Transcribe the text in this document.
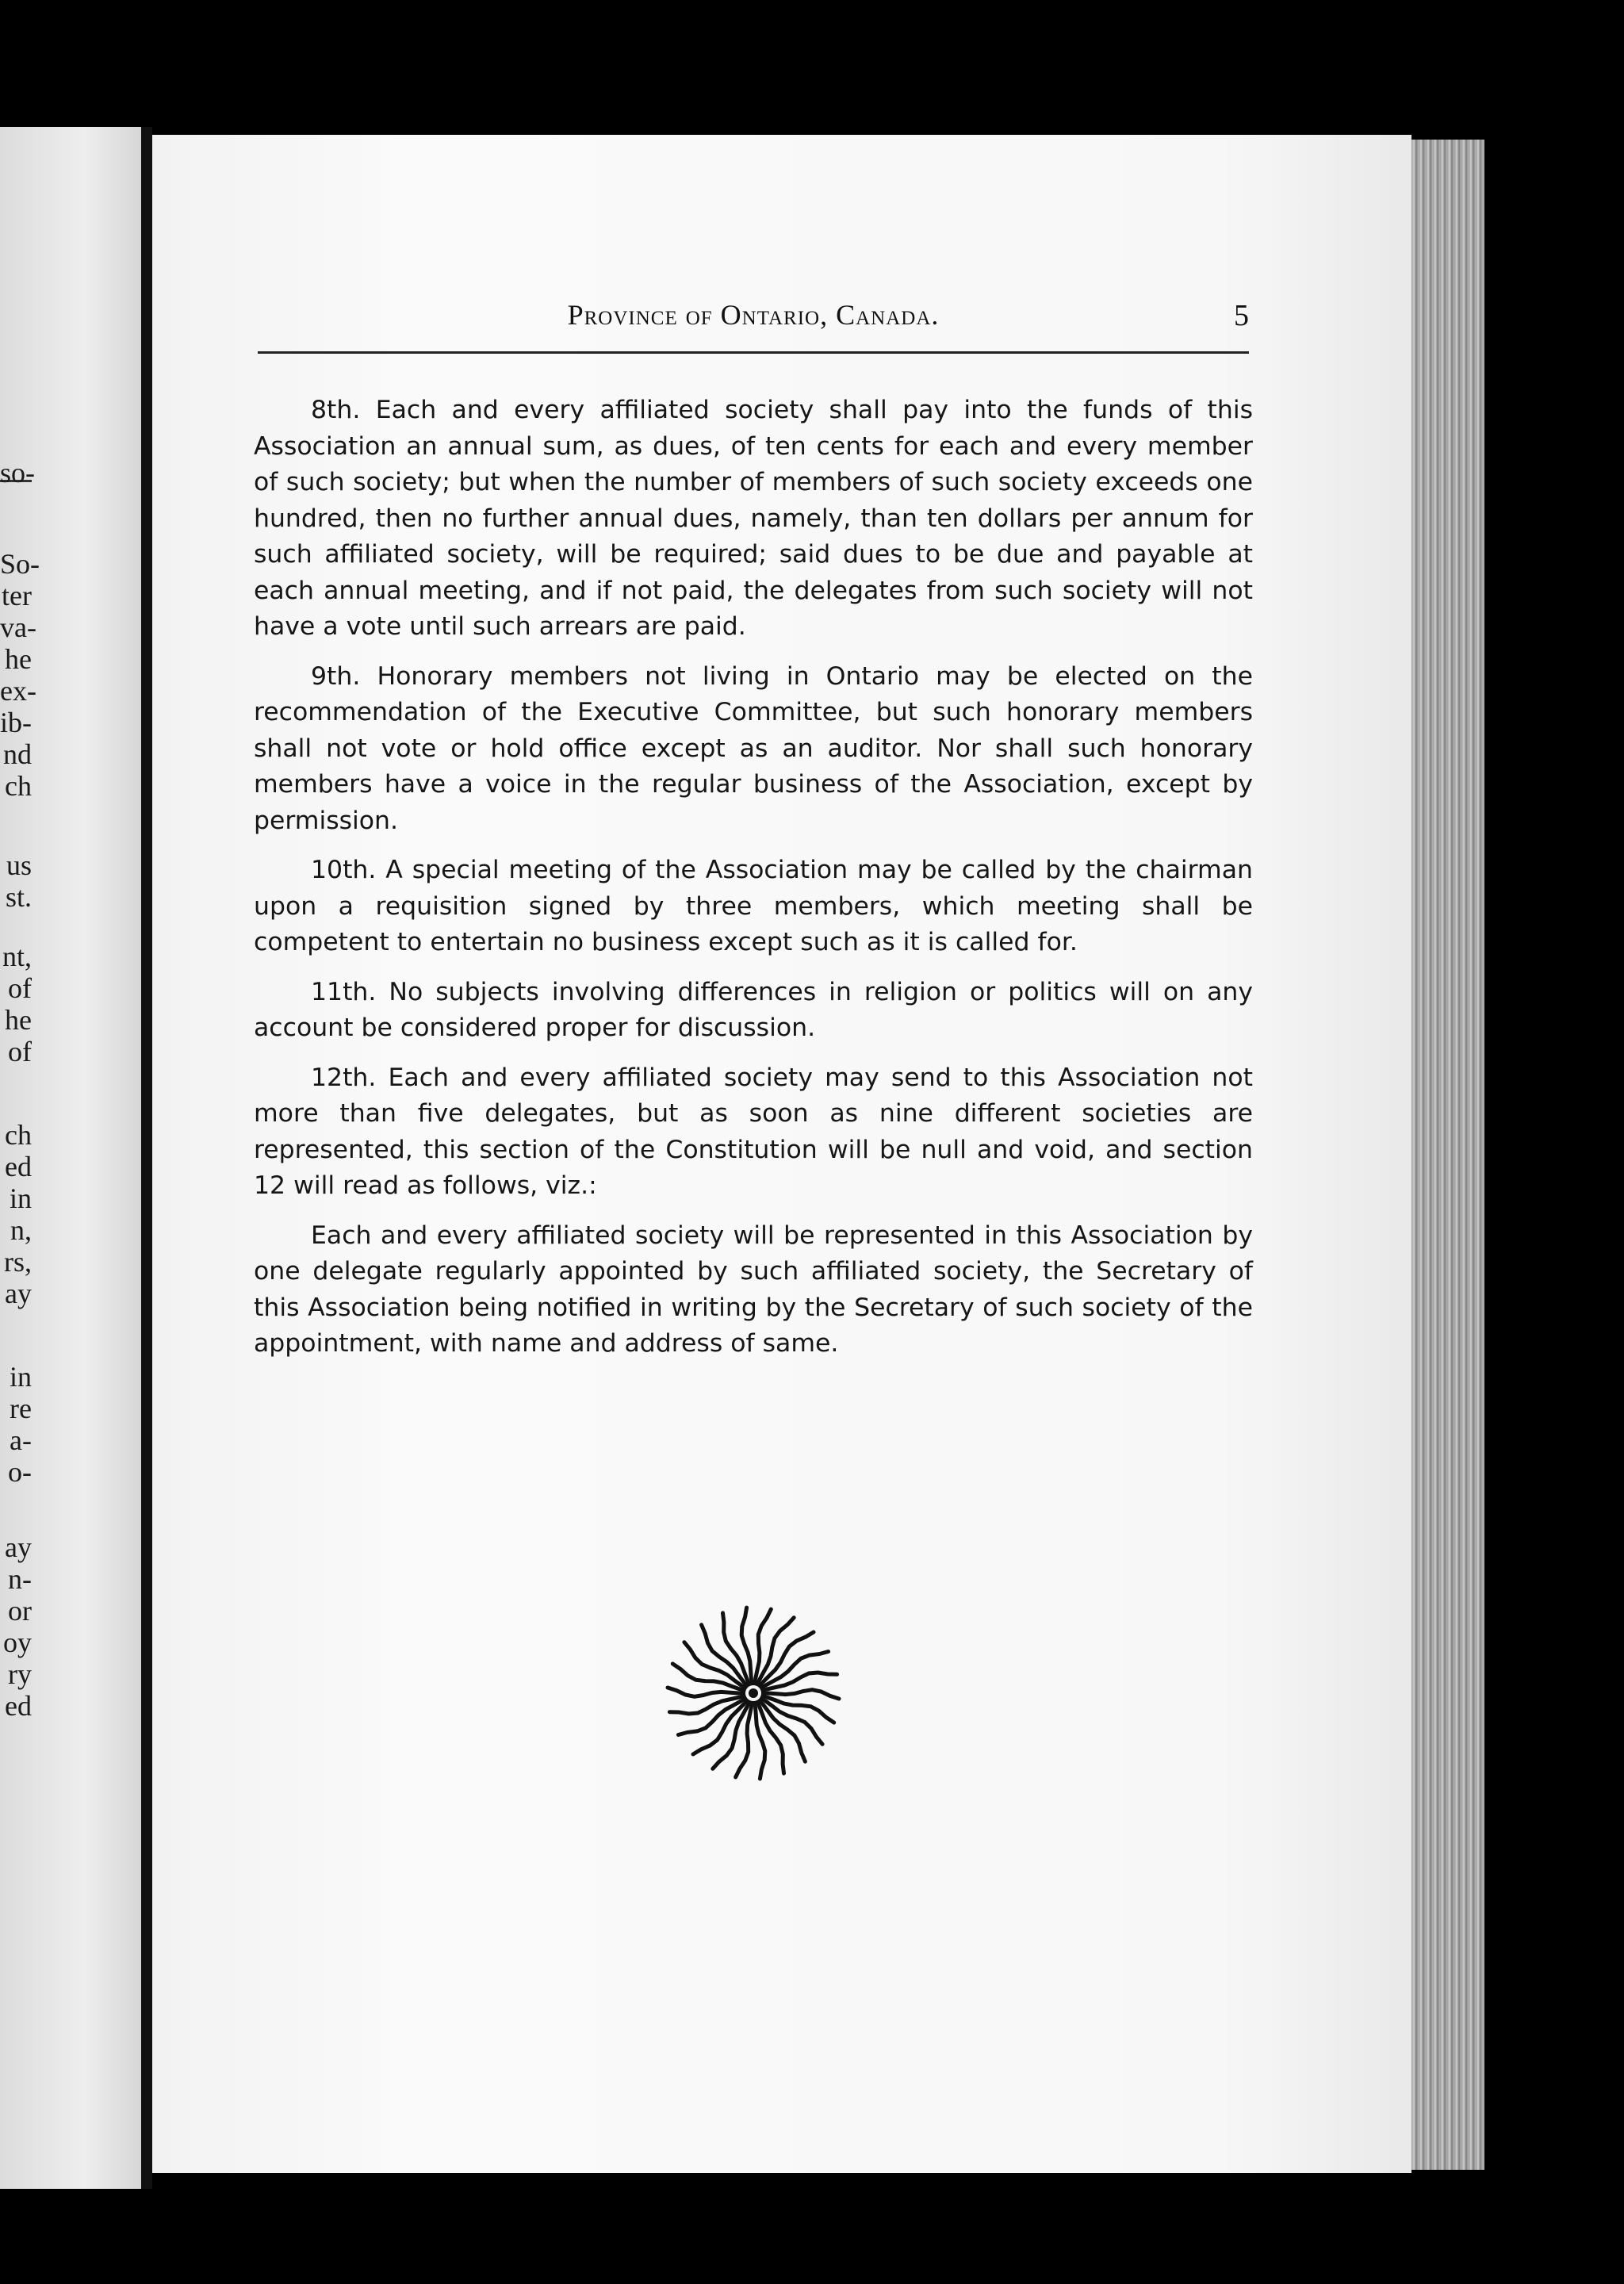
so-
So-
ter
va-
he
ex-
ib-
nd
ch
us
st.
nt,
of
he
of
ch
ed
in
n,
rs,
ay
in
re
a-
o-
ay
n-
or
oy
ry
ed
Province of Ontario, Canada.	5

8th. Each and every affiliated society shall pay into the funds of this Association an annual sum, as dues, of ten cents for each and every member of such society; but when the number of members of such society exceeds one hundred, then no further annual dues, namely, than ten dollars per annum for such affiliated society, will be required; said dues to be due and payable at each annual meeting, and if not paid, the delegates from such society will not have a vote until such arrears are paid.

9th. Honorary members not living in Ontario may be elected on the recommendation of the Executive Committee, but such honorary members shall not vote or hold office except as an auditor. Nor shall such honorary members have a voice in the regular business of the Association, except by permission.

10th. A special meeting of the Association may be called by the chairman upon a requisition signed by three members, which meeting shall be competent to entertain no business except such as it is called for.

11th. No subjects involving differences in religion or politics will on any account be considered proper for discussion.

12th. Each and every affiliated society may send to this Association not more than five delegates, but as soon as nine different societies are represented, this section of the Constitution will be null and void, and section 12 will read as follows, viz.:

Each and every affiliated society will be represented in this Association by one delegate regularly appointed by such affiliated society, the Secretary of this Association being notified in writing by the Secretary of such society of the appointment, with name and address of same.
